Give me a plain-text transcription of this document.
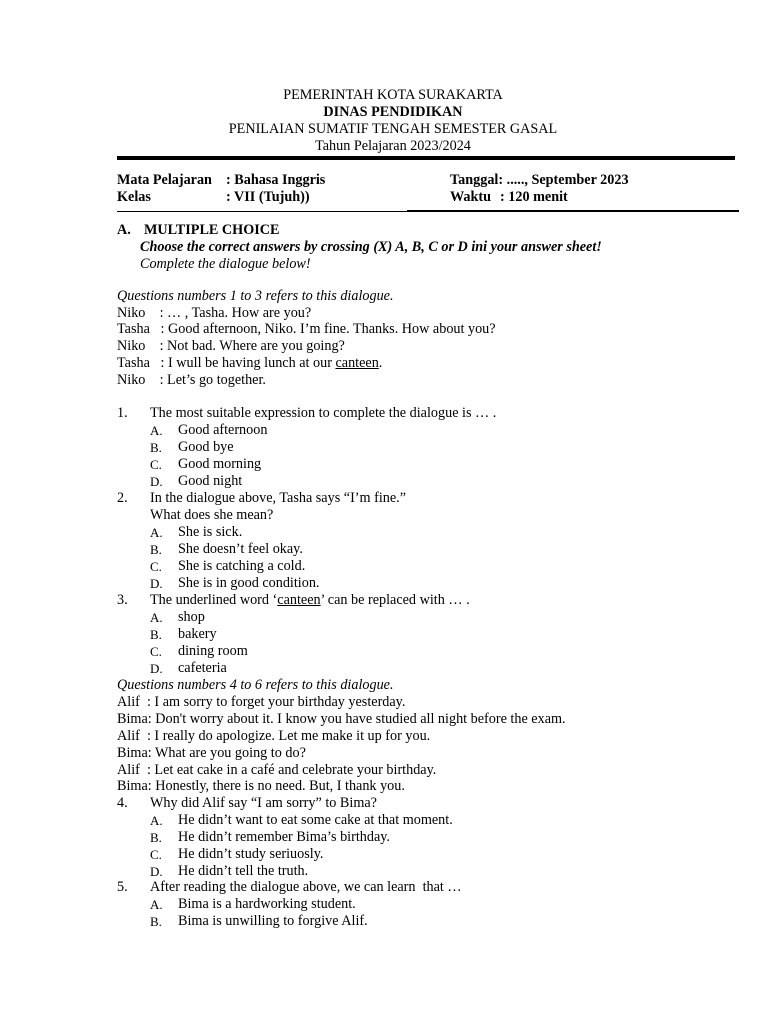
PEMERINTAH KOTA SURAKARTA
DINAS PENDIDIKAN
PENILAIAN SUMATIF TENGAH SEMESTER GASAL
Tahun Pelajaran 2023/2024
Mata Pelajaran : Bahasa Inggris
Kelas	: VII (Tujuh))
Tanggal: ....., September 2023
Waktu : 120 menit
A. MULTIPLE CHOICE
Choose the correct answers by crossing (X) A, B, C or D ini your answer sheet!
Complete the dialogue below!
Questions numbers 1 to 3 refers to this dialogue.
Niko    : … , Tasha. How are you?
Tasha   : Good afternoon, Niko. I’m fine. Thanks. How about you?
Niko    : Not bad. Where are you going?
Tasha   : I wull be having lunch at our canteen.
Niko    : Let’s go together.
1. The most suitable expression to complete the dialogue is … .
A. Good afternoon
B. Good bye
C. Good morning
D. Good night
2. In the dialogue above, Tasha says “I’m fine.”
What does she mean?
A. She is sick.
B. She doesn’t feel okay.
C. She is catching a cold.
D. She is in good condition.
3. The underlined word ‘canteen’ can be replaced with … .
A. shop
B. bakery
C. dining room
D. cafeteria
Questions numbers 4 to 6 refers to this dialogue.
Alif  : I am sorry to forget your birthday yesterday.
Bima: Don't worry about it. I know you have studied all night before the exam.
Alif  : I really do apologize. Let me make it up for you.
Bima: What are you going to do?
Alif  : Let eat cake in a café and celebrate your birthday.
Bima: Honestly, there is no need. But, I thank you.
4. Why did Alif say “I am sorry” to Bima?
A. He didn’t want to eat some cake at that moment.
B. He didn’t remember Bima’s birthday.
C. He didn’t study seriuosly.
D. He didn’t tell the truth.
5. After reading the dialogue above, we can learn  that …
A. Bima is a hardworking student.
B. Bima is unwilling to forgive Alif.
